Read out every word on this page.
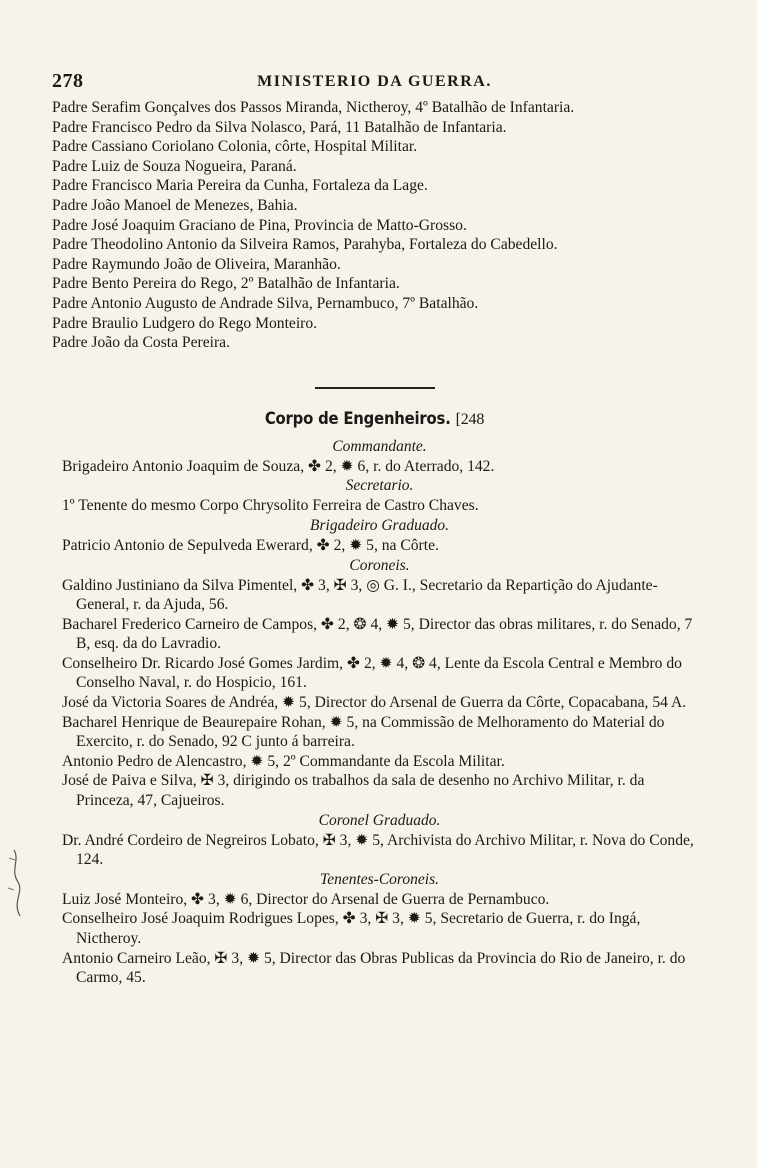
278	MINISTERIO DA GUERRA.

Padre Serafim Gonçalves dos Passos Miranda, Nictheroy, 4º Batalhão de Infantaria.

Padre Francisco Pedro da Silva Nolasco, Pará, 11 Batalhão de Infantaria.

Padre Cassiano Coriolano Colonia, côrte, Hospital Militar.

Padre Luiz de Souza Nogueira, Paraná.

Padre Francisco Maria Pereira da Cunha, Fortaleza da Lage.

Padre João Manoel de Menezes, Bahia.

Padre José Joaquim Graciano de Pina, Provincia de Matto-Grosso.

Padre Theodolino Antonio da Silveira Ramos, Parahyba, Fortaleza do Cabedello.

Padre Raymundo João de Oliveira, Maranhão.

Padre Bento Pereira do Rego, 2º Batalhão de Infantaria.

Padre Antonio Augusto de Andrade Silva, Pernambuco, 7º Batalhão.

Padre Braulio Ludgero do Rego Monteiro.

Padre João da Costa Pereira.

Corpo de Engenheiros. [248

Commandante.

Brigadeiro Antonio Joaquim de Souza, ✤ 2, ✹ 6, r. do Aterrado, 142.

Secretario.

1º Tenente do mesmo Corpo Chrysolito Ferreira de Castro Chaves.

Brigadeiro Graduado.

Patricio Antonio de Sepulveda Ewerard, ✤ 2, ✹ 5, na Côrte.

Coroneis.

Galdino Justiniano da Silva Pimentel, ✤ 3, ✠ 3, ◎ G. I., Secretario da Repartição do Ajudante-General, r. da Ajuda, 56.

Bacharel Frederico Carneiro de Campos, ✤ 2, ❂ 4, ✹ 5, Director das obras militares, r. do Senado, 7 B, esq. da do Lavradio.

Conselheiro Dr. Ricardo José Gomes Jardim, ✤ 2, ✹ 4, ❂ 4, Lente da Escola Central e Membro do Conselho Naval, r. do Hospicio, 161.

José da Victoria Soares de Andréa, ✹ 5, Director do Arsenal de Guerra da Côrte, Copacabana, 54 A.

Bacharel Henrique de Beaurepaire Rohan, ✹ 5, na Commissão de Melhoramento do Material do Exercito, r. do Senado, 92 C junto á barreira.

Antonio Pedro de Alencastro, ✹ 5, 2º Commandante da Escola Militar.

José de Paiva e Silva, ✠ 3, dirigindo os trabalhos da sala de desenho no Archivo Militar, r. da Princeza, 47, Cajueiros.

Coronel Graduado.

Dr. André Cordeiro de Negreiros Lobato, ✠ 3, ✹ 5, Archivista do Archivo Militar, r. Nova do Conde, 124.

Tenentes-Coroneis.

Luiz José Monteiro, ✤ 3, ✹ 6, Director do Arsenal de Guerra de Pernambuco.

Conselheiro José Joaquim Rodrigues Lopes, ✤ 3, ✠ 3, ✹ 5, Secretario de Guerra, r. do Ingá, Nictheroy.

Antonio Carneiro Leão, ✠ 3, ✹ 5, Director das Obras Publicas da Provincia do Rio de Janeiro, r. do Carmo, 45.
